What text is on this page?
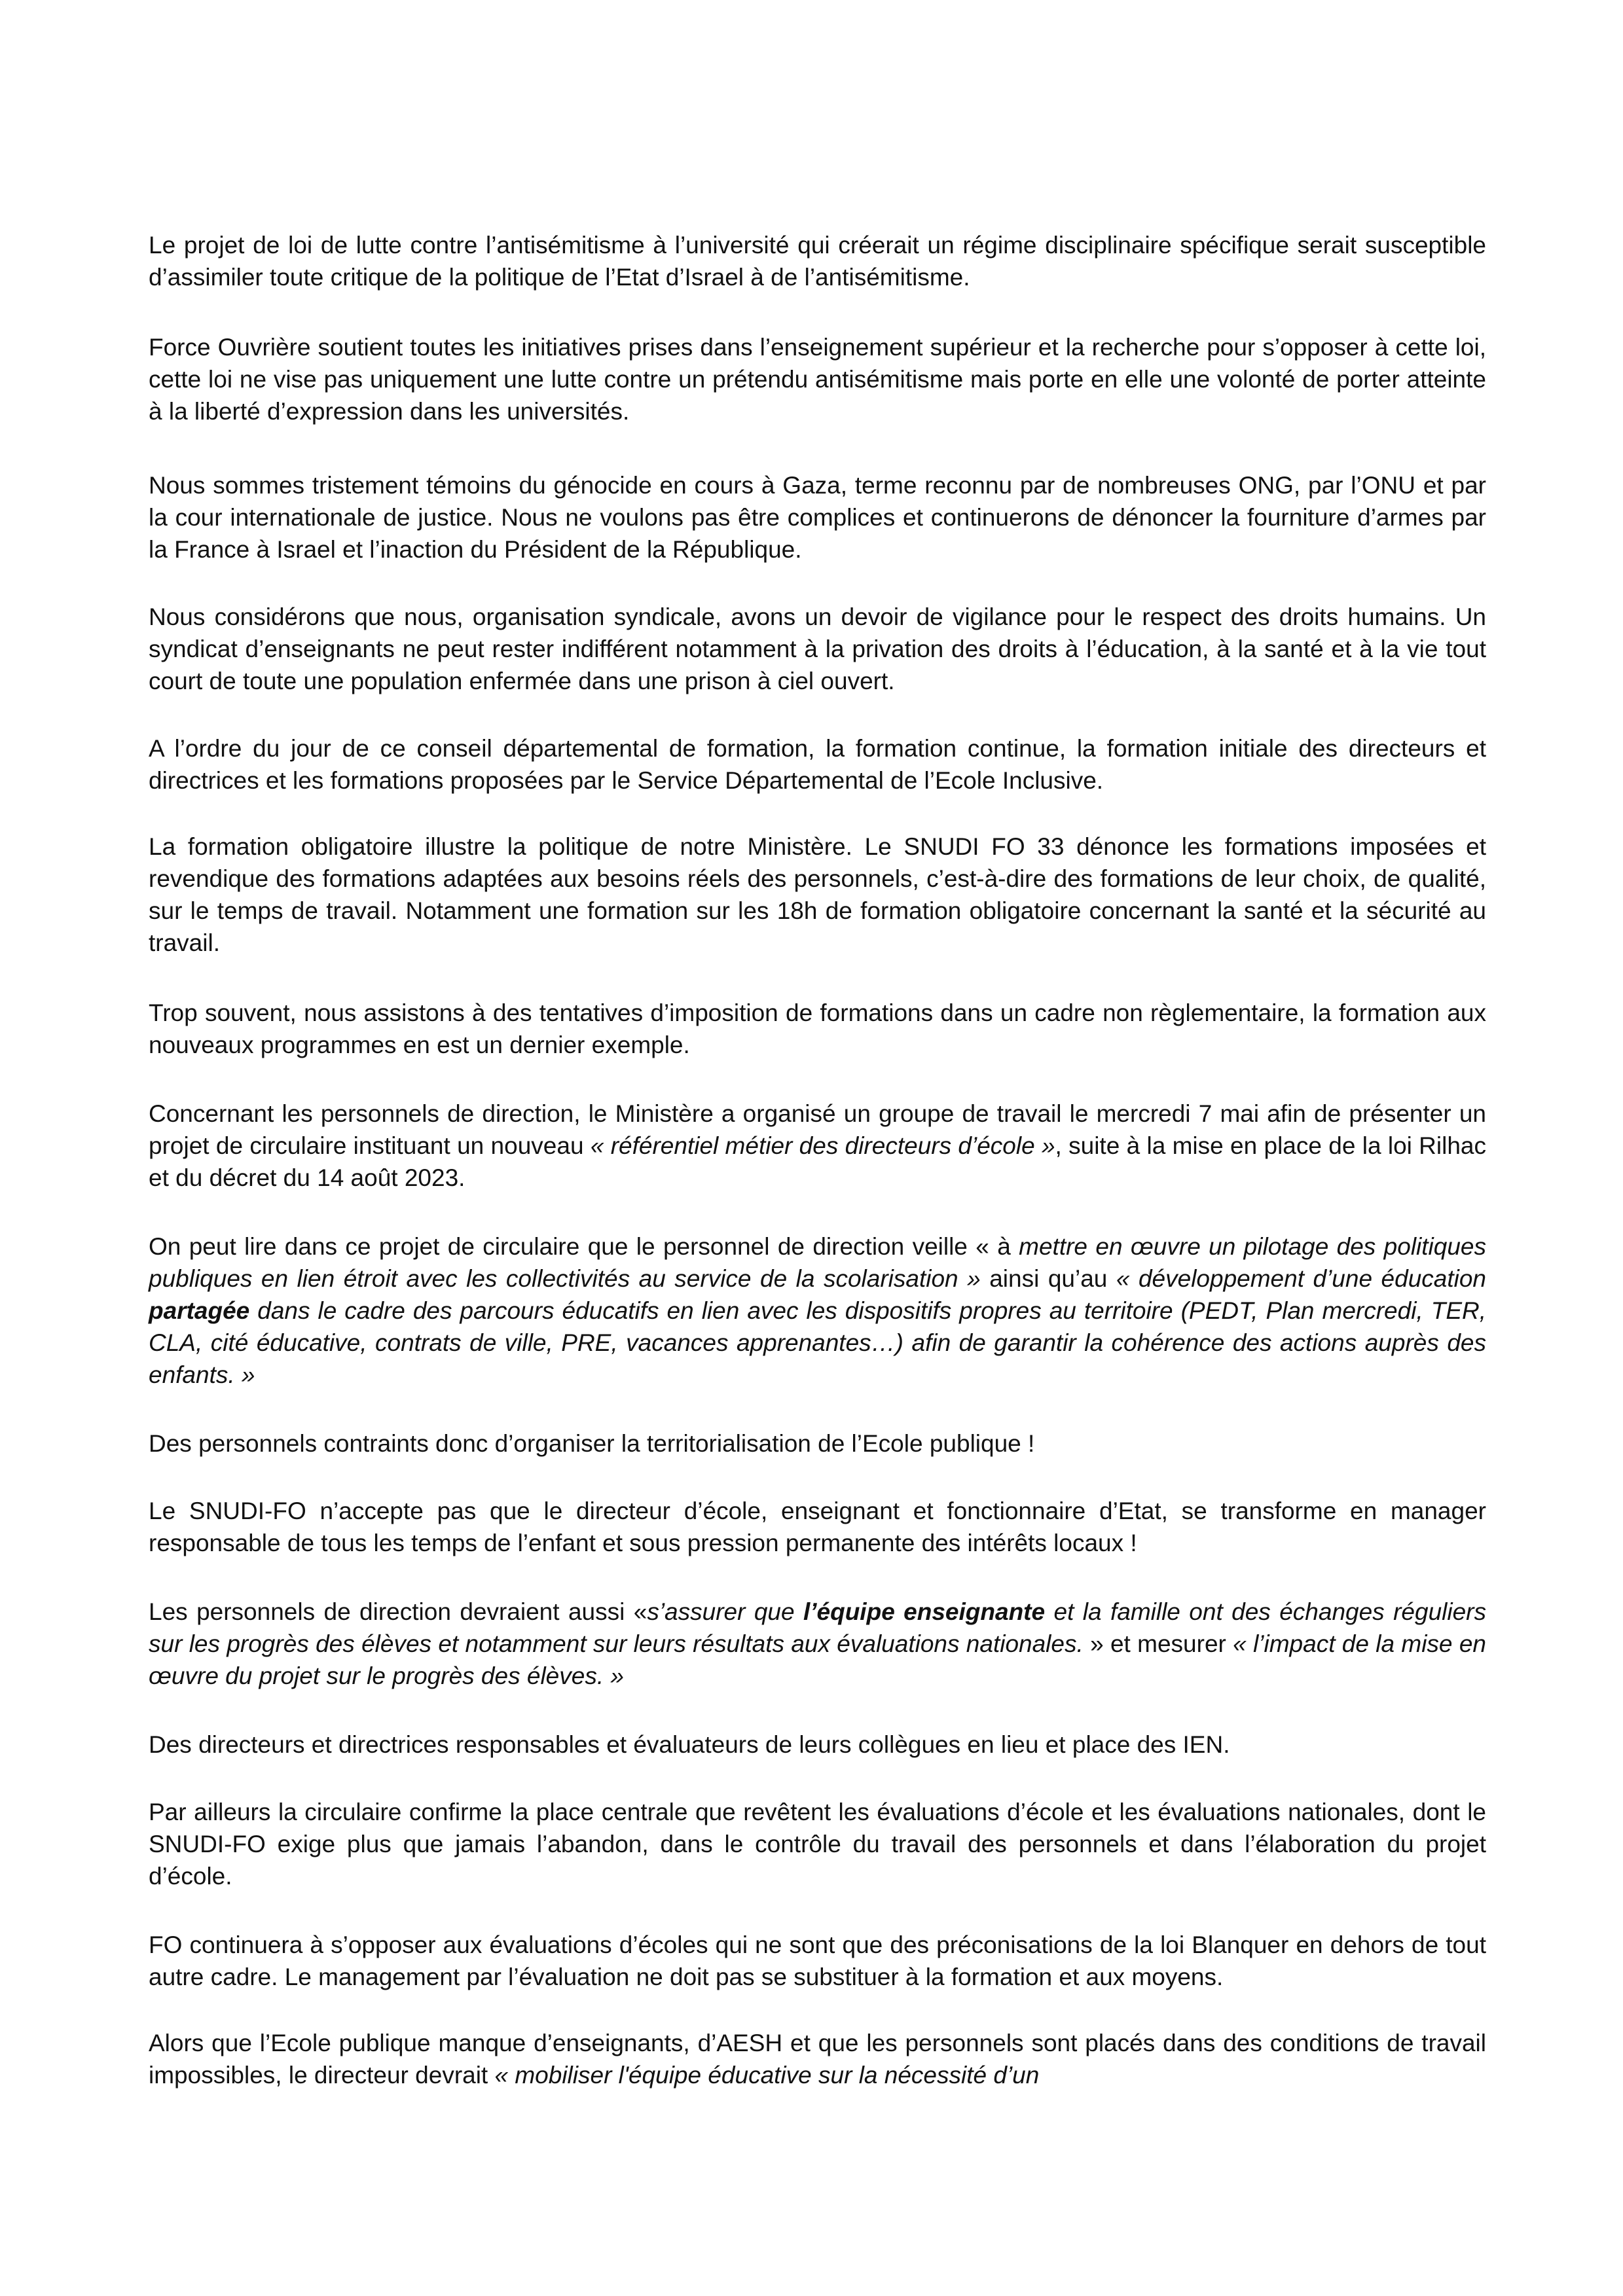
Le projet de loi de lutte contre l’antisémitisme à l’université qui créerait un régime disciplinaire spécifique serait susceptible d’assimiler toute critique de la politique de l’Etat d’Israel à de l’antisémitisme.

Force Ouvrière soutient toutes les initiatives prises dans l’enseignement supérieur et la recherche pour s’opposer à cette loi, cette loi ne vise pas uniquement une lutte contre un prétendu antisémitisme mais porte en elle une volonté de porter atteinte à la liberté d’expression dans les universités.

Nous sommes tristement témoins du génocide en cours à Gaza, terme reconnu par de nombreuses ONG, par l’ONU et par la cour internationale de justice. Nous ne voulons pas être complices et continuerons de dénoncer la fourniture d’armes par la France à Israel et l’inaction du Président de la République.

Nous considérons que nous, organisation syndicale, avons un devoir de vigilance pour le respect des droits humains. Un syndicat d’enseignants ne peut rester indifférent notamment à la privation des droits à l’éducation, à la santé et à la vie tout court de toute une population enfermée dans une prison à ciel ouvert.

A l’ordre du jour de ce conseil départemental de formation, la formation continue, la formation initiale des directeurs et directrices et les formations proposées par le Service Départemental de l’Ecole Inclusive.

La formation obligatoire illustre la politique de notre Ministère. Le SNUDI FO 33 dénonce les formations imposées et revendique des formations adaptées aux besoins réels des personnels, c’est-à-dire des formations de leur choix, de qualité, sur le temps de travail. Notamment une formation sur les 18h de formation obligatoire concernant la santé et la sécurité au travail.

Trop souvent, nous assistons à des tentatives d’imposition de formations dans un cadre non règlementaire, la formation aux nouveaux programmes en est un dernier exemple.

Concernant les personnels de direction, le Ministère a organisé un groupe de travail le mercredi 7 mai afin de présenter un projet de circulaire instituant un nouveau « référentiel métier des directeurs d’école », suite à la mise en place de la loi Rilhac et du décret du 14 août 2023.

On peut lire dans ce projet de circulaire que le personnel de direction veille « à mettre en œuvre un pilotage des politiques publiques en lien étroit avec les collectivités au service de la scolarisation » ainsi qu’au « développement d’une éducation partagée dans le cadre des parcours éducatifs en lien avec les dispositifs propres au territoire (PEDT, Plan mercredi, TER, CLA, cité éducative, contrats de ville, PRE, vacances apprenantes…) afin de garantir la cohérence des actions auprès des enfants. »

Des personnels contraints donc d’organiser la territorialisation de l’Ecole publique !

Le SNUDI-FO n’accepte pas que le directeur d’école, enseignant et fonctionnaire d’Etat, se transforme en manager responsable de tous les temps de l’enfant et sous pression permanente des intérêts locaux !

Les personnels de direction devraient aussi «s’assurer que l’équipe enseignante et la famille ont des échanges réguliers sur les progrès des élèves et notamment sur leurs résultats aux évaluations nationales. » et mesurer « l’impact de la mise en œuvre du projet sur le progrès des élèves. »

Des directeurs et directrices responsables et évaluateurs de leurs collègues en lieu et place des IEN.

Par ailleurs la circulaire confirme la place centrale que revêtent les évaluations d’école et les évaluations nationales, dont le SNUDI-FO exige plus que jamais l’abandon, dans le contrôle du travail des personnels et dans l’élaboration du projet d’école.

FO continuera à s’opposer aux évaluations d’écoles qui ne sont que des préconisations de la loi Blanquer en dehors de tout autre cadre. Le management par l’évaluation ne doit pas se substituer à la formation et aux moyens.

Alors que l’Ecole publique manque d’enseignants, d’AESH et que les personnels sont placés dans des conditions de travail impossibles, le directeur devrait « mobiliser l'équipe éducative sur la nécessité d’un
